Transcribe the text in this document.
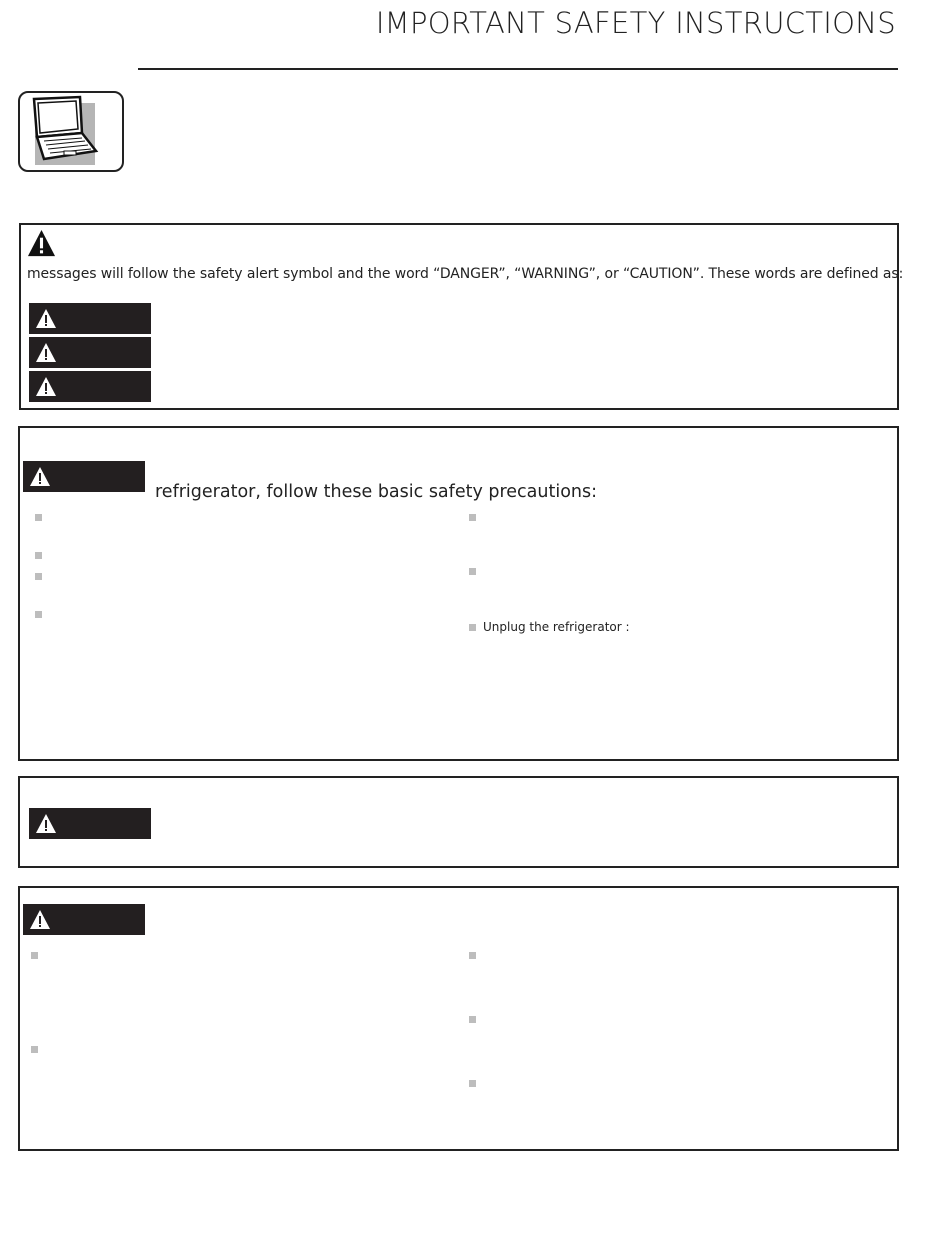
IMPORTANT SAFETY INSTRUCTIONS
messages will follow the safety alert symbol and the word “DANGER”, “WARNING”, or “CAUTION”. These words are defined as:
refrigerator, follow these basic safety precautions:
Unplug the refrigerator :
